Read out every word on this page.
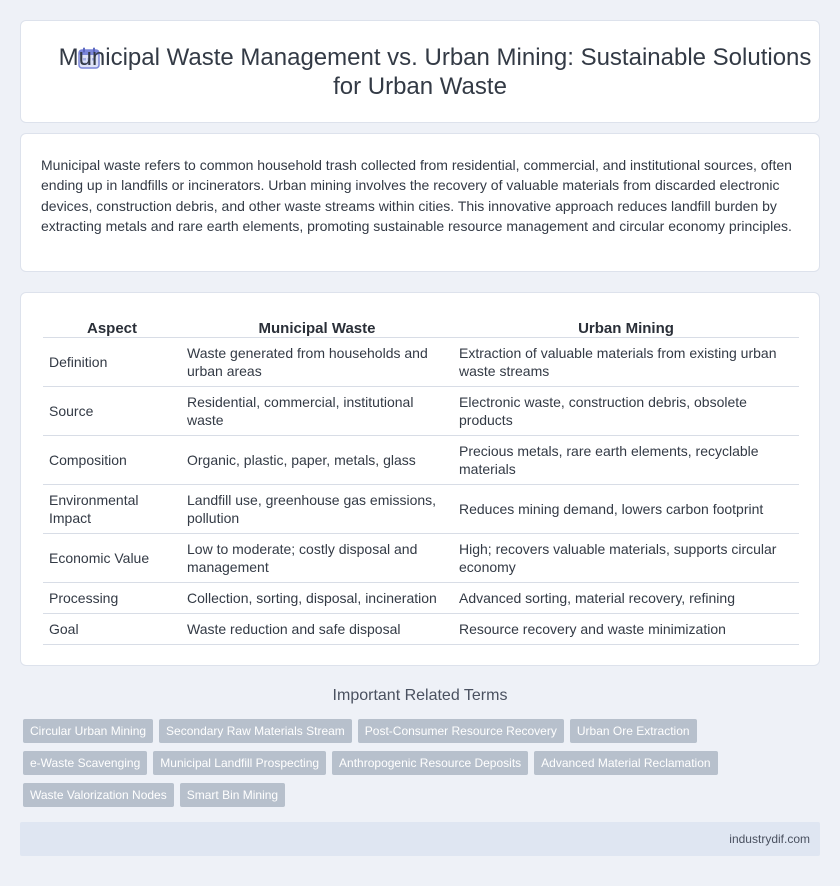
Municipal Waste Management vs. Urban Mining: Sustainable Solutions for Urban Waste

Municipal waste refers to common household trash collected from residential, commercial, and institutional sources, often ending up in landfills or incinerators. Urban mining involves the recovery of valuable materials from discarded electronic devices, construction debris, and other waste streams within cities. This innovative approach reduces landfill burden by extracting metals and rare earth elements, promoting sustainable resource management and circular economy principles.

Aspect	Municipal Waste	Urban Mining
Definition	Waste generated from households and urban areas	Extraction of valuable materials from existing urban waste streams
Source	Residential, commercial, institutional waste	Electronic waste, construction debris, obsolete products
Composition	Organic, plastic, paper, metals, glass	Precious metals, rare earth elements, recyclable materials
Environmental Impact	Landfill use, greenhouse gas emissions, pollution	Reduces mining demand, lowers carbon footprint
Economic Value	Low to moderate; costly disposal and management	High; recovers valuable materials, supports circular economy
Processing	Collection, sorting, disposal, incineration	Advanced sorting, material recovery, refining
Goal	Waste reduction and safe disposal	Resource recovery and waste minimization
Important Related Terms
Circular Urban Mining	Secondary Raw Materials Stream	Post-Consumer Resource Recovery	Urban Ore Extraction
e-Waste Scavenging	Municipal Landfill Prospecting	Anthropogenic Resource Deposits	Advanced Material Reclamation
Waste Valorization Nodes	Smart Bin Mining
industrydif.com
